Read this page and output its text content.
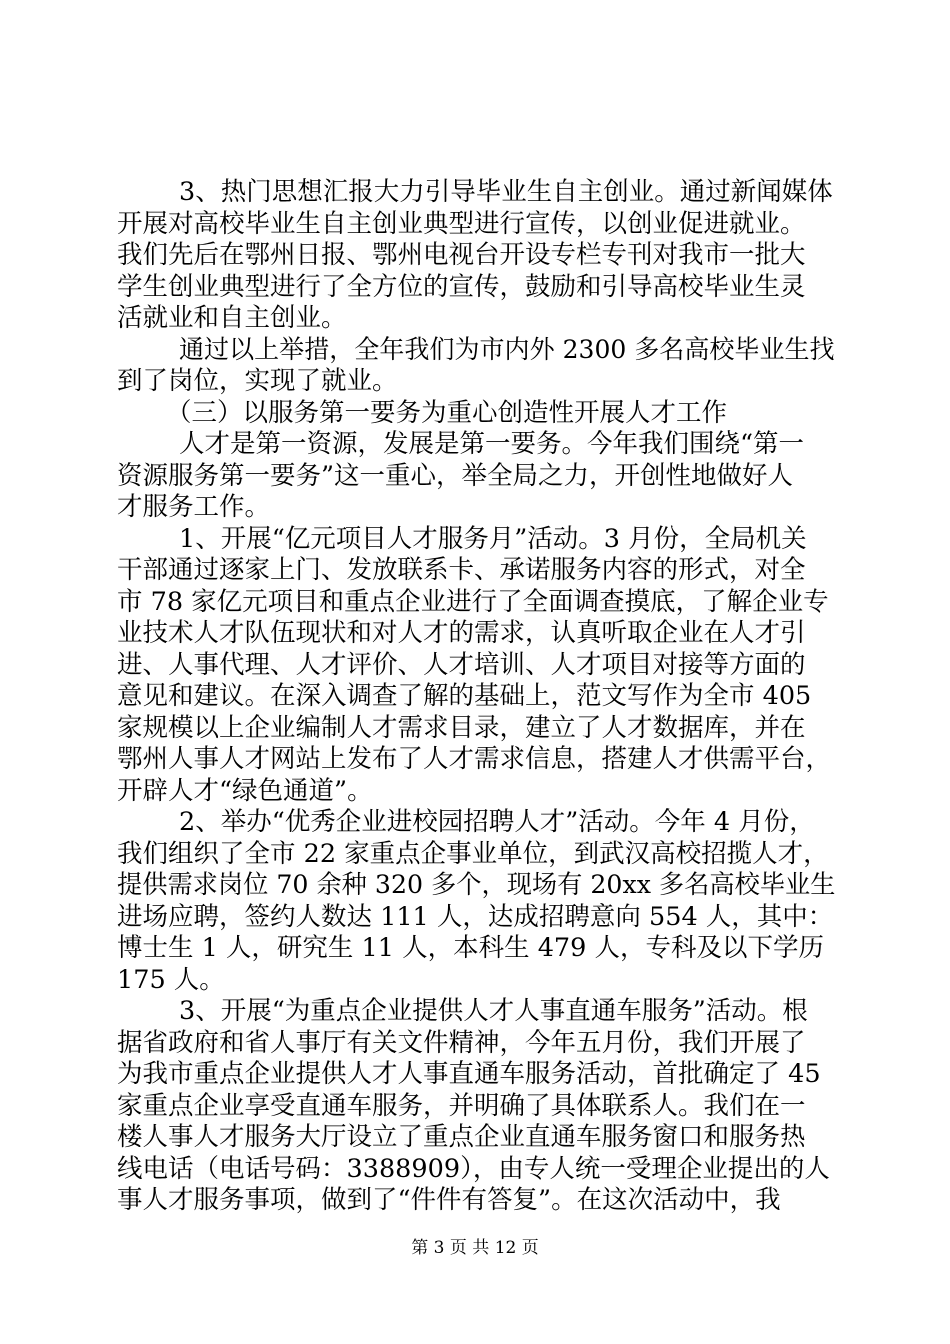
3、热门思想汇报大力引导毕业生自主创业。通过新闻媒体
开展对高校毕业生自主创业典型进行宣传，以创业促进就业。
我们先后在鄂州日报、鄂州电视台开设专栏专刊对我市一批大
学生创业典型进行了全方位的宣传，鼓励和引导高校毕业生灵
活就业和自主创业。
通过以上举措，全年我们为市内外 2300 多名高校毕业生找
到了岗位，实现了就业。
（三）以服务第一要务为重心创造性开展人才工作
人才是第一资源，发展是第一要务。今年我们围绕“第一
资源服务第一要务”这一重心，举全局之力，开创性地做好人
才服务工作。
1、开展“亿元项目人才服务月”活动。3 月份，全局机关
干部通过逐家上门、发放联系卡、承诺服务内容的形式，对全
市 78 家亿元项目和重点企业进行了全面调查摸底，了解企业专
业技术人才队伍现状和对人才的需求，认真听取企业在人才引
进、人事代理、人才评价、人才培训、人才项目对接等方面的
意见和建议。在深入调查了解的基础上，范文写作为全市 405
家规模以上企业编制人才需求目录，建立了人才数据库，并在
鄂州人事人才网站上发布了人才需求信息，搭建人才供需平台，
开辟人才“绿色通道”。
2、举办“优秀企业进校园招聘人才”活动。今年 4 月份，
我们组织了全市 22 家重点企事业单位，到武汉高校招揽人才，
提供需求岗位 70 余种 320 多个，现场有 20xx 多名高校毕业生
进场应聘，签约人数达 111 人，达成招聘意向 554 人，其中：
博士生 1 人，研究生 11 人，本科生 479 人，专科及以下学历
175 人。
3、开展“为重点企业提供人才人事直通车服务”活动。根
据省政府和省人事厅有关文件精神，今年五月份，我们开展了
为我市重点企业提供人才人事直通车服务活动，首批确定了 45
家重点企业享受直通车服务，并明确了具体联系人。我们在一
楼人事人才服务大厅设立了重点企业直通车服务窗口和服务热
线电话（电话号码：3388909），由专人统一受理企业提出的人
事人才服务事项，做到了“件件有答复”。在这次活动中，我
第 3 页 共 12 页
